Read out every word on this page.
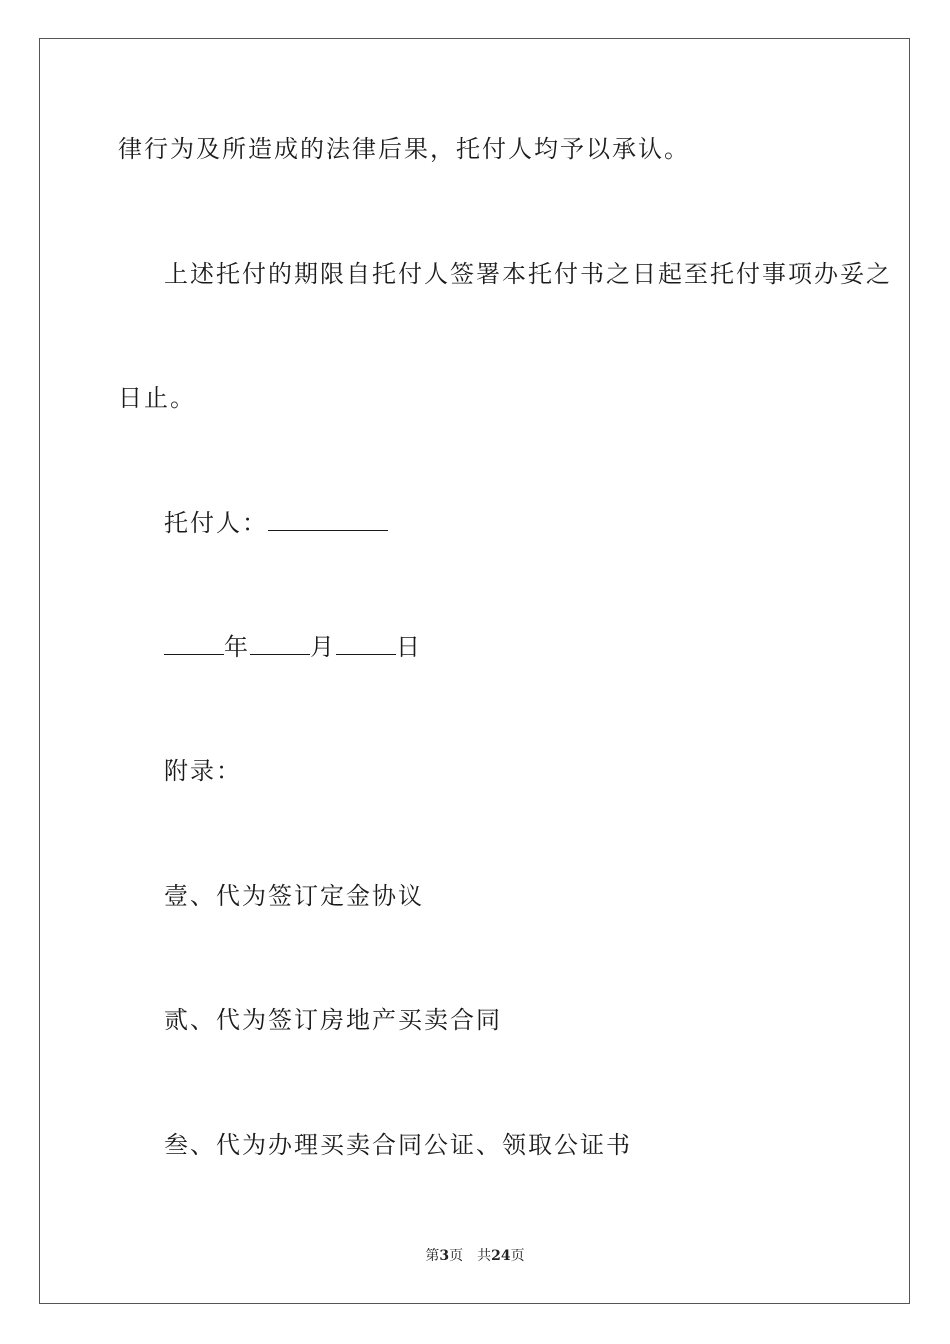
律行为及所造成的法律后果，托付人均予以承认。

上述托付的期限自托付人签署本托付书之日起至托付事项办妥之

日止。

托付人：

年	月	日

附录：

壹、代为签订定金协议

贰、代为签订房地产买卖合同

叁、代为办理买卖合同公证、领取公证书

第3页 共24页
